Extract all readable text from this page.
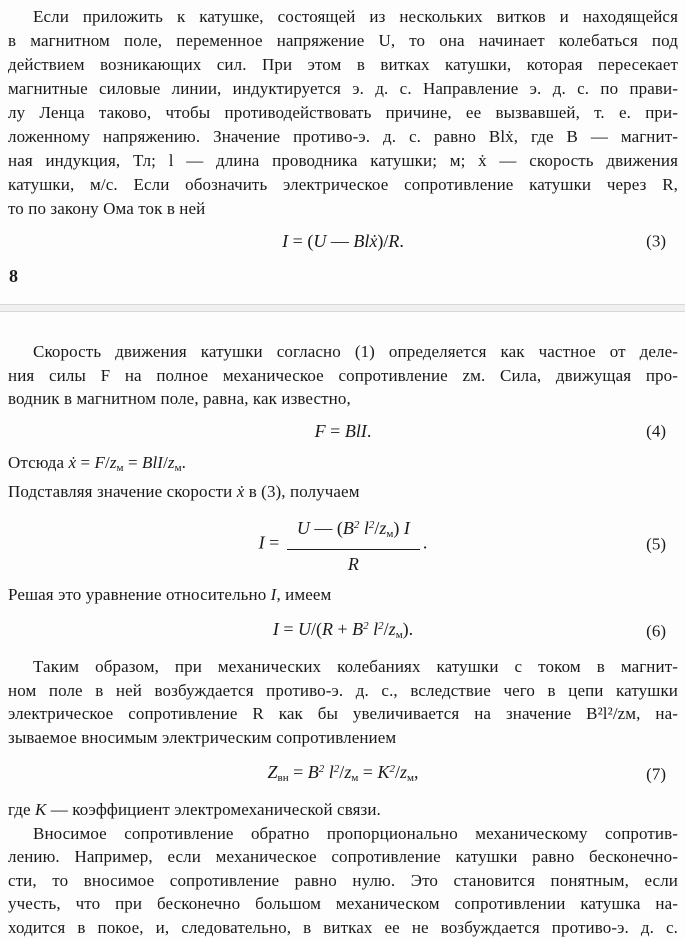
Если приложить к катушке, состоящей из нескольких витков и находящейся
в магнитном поле, переменное напряжение U, то она начинает колебаться под
действием возникающих сил. При этом в витках катушки, которая пересекает
магнитные силовые линии, индуктируется э. д. с. Направление э. д. с. по прави-
лу Ленца таково, чтобы противодействовать причине, ее вызвавшей, т. е. при-
ложенному напряжению. Значение противо-э. д. с. равно Blẋ, где B — магнит-
ная индукция, Тл; l — длина проводника катушки; м; ẋ — скорость движения
катушки, м/с. Если обозначить электрическое сопротивление катушки через R,
то по закону Ома ток в ней
I = (U — Blẋ)/R.	(3)
8
Скорость движения катушки согласно (1) определяется как частное от деле-
ния силы F на полное механическое сопротивление zм. Сила, движущая про-
водник в магнитном поле, равна, как известно,
F = BlI.	(4)
Отсюда ẋ = F/zм = BlI/zм.
Подставляя значение скорости ẋ в (3), получаем
$I = \frac{U — (B^2 l^2/zм) I}{R}$ .	(5)
Решая это уравнение относительно I, имеем
$I = U/(R + B^2$ $l^2/zм$).	(6)
Таким образом, при механических колебаниях катушки с током в магнит-
ном поле в ней возбуждается противо-э. д. с., вследствие чего в цепи катушки
электрическое сопротивление R как бы увеличивается на значение B²l²/zм, на-
зываемое вносимым электрическим сопротивлением
Zвн = $B^2$ $l^2/zм = K^2/zм$,	(7)
где K — коэффициент электромеханической связи.
Вносимое сопротивление обратно пропорционально механическому сопротив-
лению. Например, если механическое сопротивление катушки равно бесконечно-
сти, то вносимое сопротивление равно нулю. Это становится понятным, если
учесть, что при бесконечно большом механическом сопротивлении катушка на-
ходится в покое, и, следовательно, в витках ее не возбуждается противо-э. д. с.
